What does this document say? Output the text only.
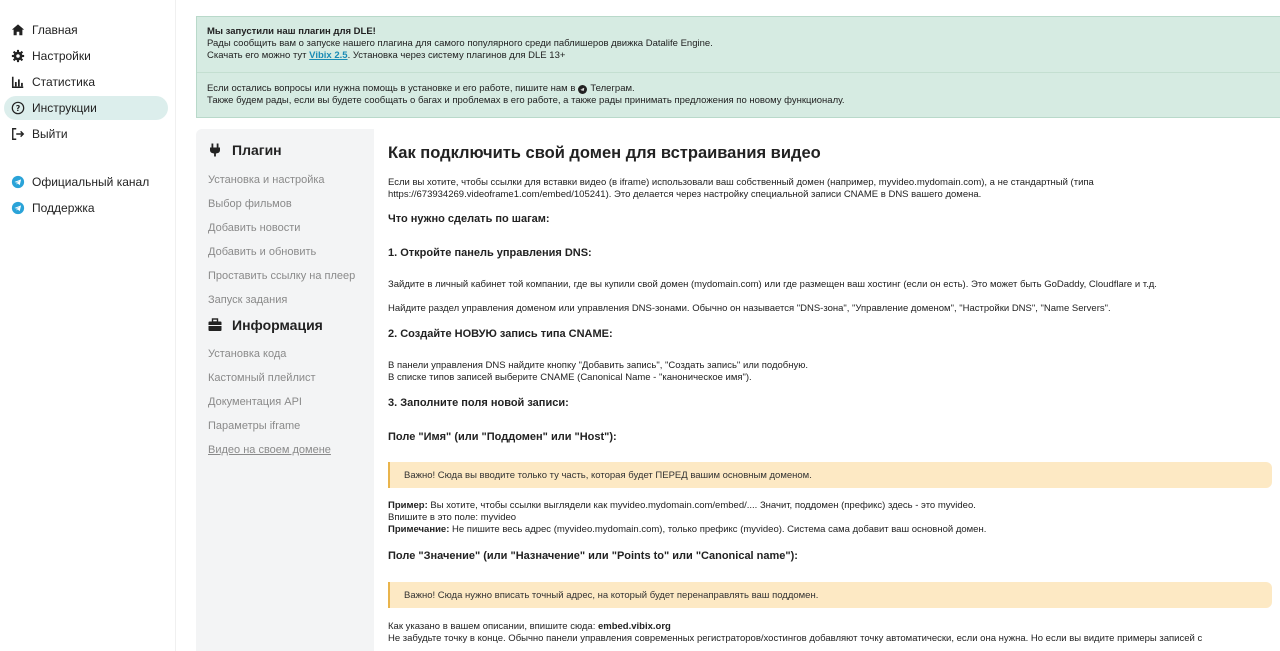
Главная
Настройки
Статистика
? Инструкции
Выйти
Официальный канал
Поддержка
Мы запустили наш плагин для DLE!
Рады сообщить вам о запуске нашего плагина для самого популярного среди паблишеров движка Datalife Engine.
Скачать его можно тут Vibix 2.5. Установка через систему плагинов для DLE 13+
Если остались вопросы или нужна помощь в установке и его работе, пишите нам в Телеграм.
Также будем рады, если вы будете сообщать о багах и проблемах в его работе, а также рады принимать предложения по новому функционалу.
Плагин
Установка и настройка
Выбор фильмов
Добавить новости
Добавить и обновить
Проставить ссылку на плеер
Запуск задания
Информация
Установка кода
Кастомный плейлист
Документация API
Параметры iframe
Видео на своем домене
Как подключить свой домен для встраивания видео
Если вы хотите, чтобы ссылки для вставки видео (в iframe) использовали ваш собственный домен (например, myvideo.mydomain.com), а не стандартный (типа
https://673934269.videoframe1.com/embed/105241). Это делается через настройку специальной записи CNAME в DNS вашего домена.
Что нужно сделать по шагам:
1. Откройте панель управления DNS:
Зайдите в личный кабинет той компании, где вы купили свой домен (mydomain.com) или где размещен ваш хостинг (если он есть). Это может быть GoDaddy, Cloudflare и т.д.
Найдите раздел управления доменом или управления DNS-зонами. Обычно он называется "DNS-зона", "Управление доменом", "Настройки DNS", "Name Servers".
2. Создайте НОВУЮ запись типа CNAME:
В панели управления DNS найдите кнопку "Добавить запись", "Создать запись" или подобную.
В списке типов записей выберите CNAME (Canonical Name - "каноническое имя").
3. Заполните поля новой записи:
Поле "Имя" (или "Поддомен" или "Host"):
Важно! Сюда вы вводите только ту часть, которая будет ПЕРЕД вашим основным доменом.
Пример: Вы хотите, чтобы ссылки выглядели как myvideo.mydomain.com/embed/.... Значит, поддомен (префикс) здесь - это myvideo.
Впишите в это поле: myvideo
Примечание: Не пишите весь адрес (myvideo.mydomain.com), только префикс (myvideo). Система сама добавит ваш основной домен.
Поле "Значение" (или "Назначение" или "Points to" или "Canonical name"):
Важно! Сюда нужно вписать точный адрес, на который будет перенаправлять ваш поддомен.
Как указано в вашем описании, впишите сюда: embed.vibix.org
Не забудьте точку в конце. Обычно панели управления современных регистраторов/хостингов добавляют точку автоматически, если она нужна. Но если вы видите примеры записей с
